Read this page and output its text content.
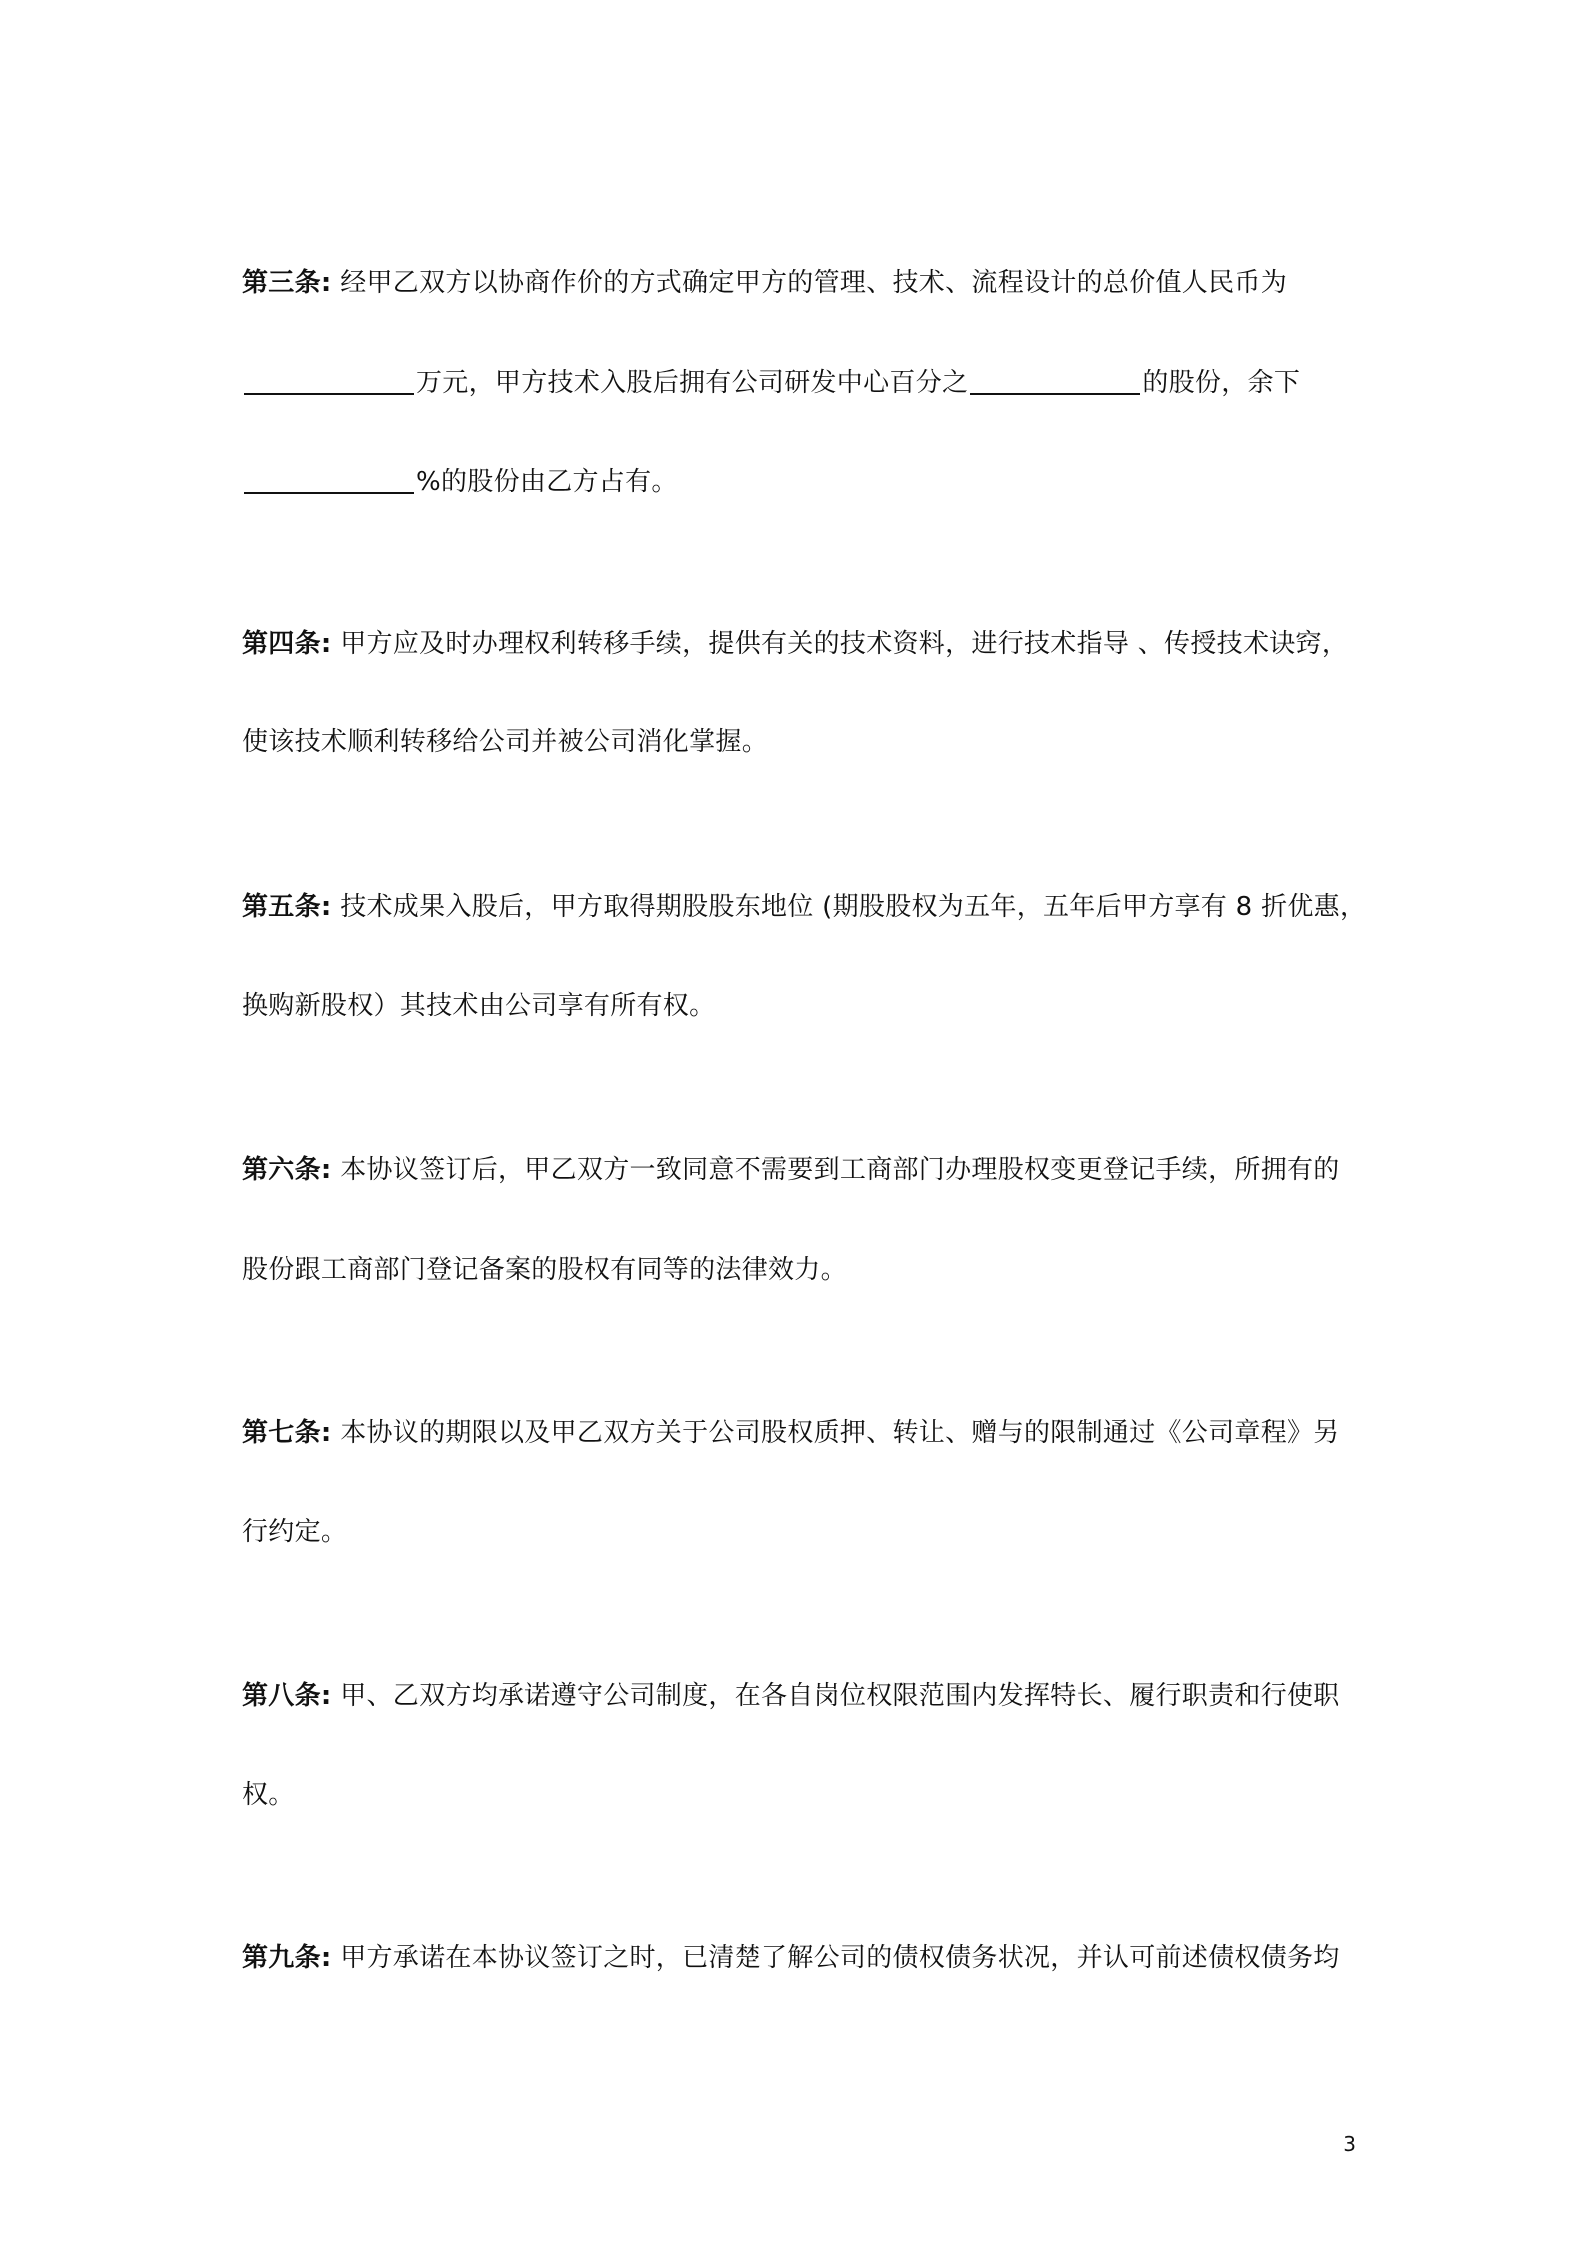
第三条: 经甲乙双方以协商作价的方式确定甲方的管理、技术、流程设计的总价值人民币为
万元，甲方技术入股后拥有公司研发中心百分之	的股份，余下
%的股份由乙方占有。
第四条: 甲方应及时办理权利转移手续，提供有关的技术资料，进行技术指导 、传授技术诀窍，
使该技术顺利转移给公司并被公司消化掌握。
第五条: 技术成果入股后，甲方取得期股股东地位 (期股股权为五年，五年后甲方享有 8 折优惠，
换购新股权）其技术由公司享有所有权。
第六条: 本协议签订后，甲乙双方一致同意不需要到工商部门办理股权变更登记手续，所拥有的
股份跟工商部门登记备案的股权有同等的法律效力。
第七条: 本协议的期限以及甲乙双方关于公司股权质押、转让、赠与的限制通过《公司章程》另
行约定。
第八条: 甲、乙双方均承诺遵守公司制度，在各自岗位权限范围内发挥特长、履行职责和行使职
权。
第九条: 甲方承诺在本协议签订之时，已清楚了解公司的债权债务状况，并认可前述债权债务均
3
